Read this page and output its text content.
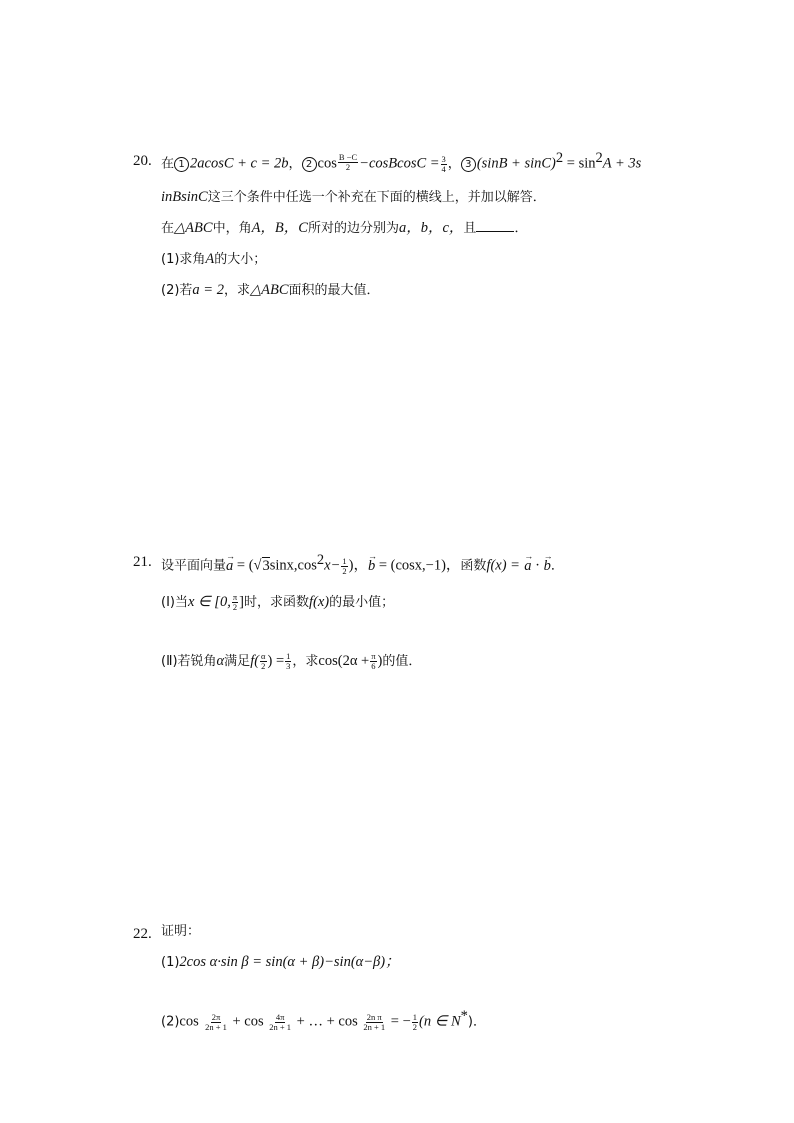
20. 在 1 2acosC + c = 2b， 2 cos $^{\frac{B -C}{2}}$ −cosBcosC = $\frac{3}{4}$ ， 3 $(\sin B + \sin C)^2 = \sin^2A + 3s$
inBsinC这三个条件中任选一个补充在下面的横线上，并加以解答．
在△ABC中，角A，B，C所对的边分别为a，b，c，且	．
(1)求角A的大小；
(2)若a = 2，求△ABC面积的最大值．
21. 设平面向量→ $a = (√3\sin x,\cos^2x- \frac{1}{2}$ )，→ b = (cosx,−1)，函数f(x) = → a · → b．
(Ⅰ)当x ∈ [0, $\frac{\pi}{2}$ ]时，求函数f(x)的最小值；
(Ⅱ)若锐角α满足$f( \frac{\alpha}{2}$ ) = $\frac{1}{3}$ ，求$\cos(2\alpha + \frac{\pi}{6}$ )的值．
22. 证明：
(1)2cos α·sin β = sin(α + β)−sin(α−β)；
$(2)\cos \frac{2\pi}{2n + 1} + \cos \frac{4\pi}{2n + 1}$ + … + $\cos \frac{\text{2n π}}{2n + 1}$ = − $\frac{1}{2} (n$ ∈ N*)．
